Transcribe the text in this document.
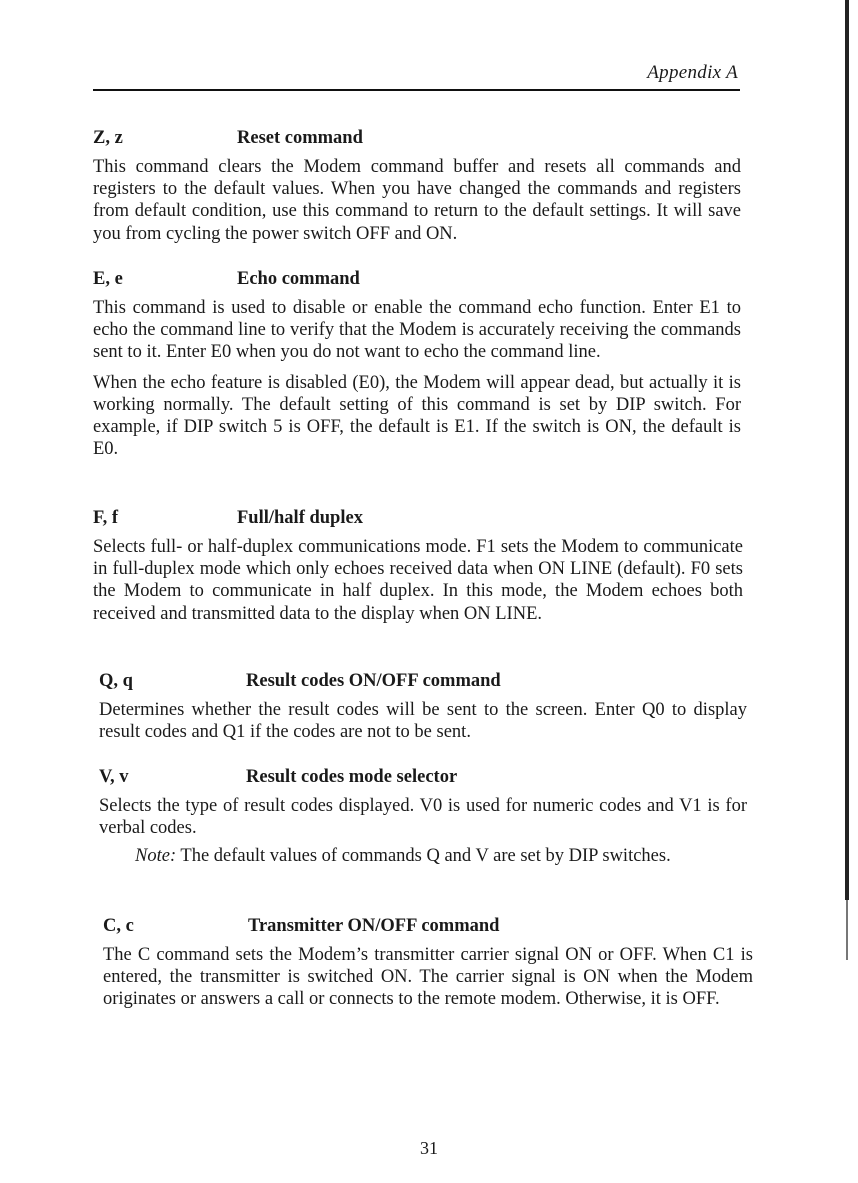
Appendix A
Z, z	Reset command

This command clears the Modem command buffer and resets all commands and registers to the default values. When you have changed the commands and registers from default condition, use this command to return to the default settings. It will save you from cycling the power switch OFF and ON.

E, e	Echo command

This command is used to disable or enable the command echo function. Enter E1 to echo the command line to verify that the Modem is accurately receiving the commands sent to it. Enter E0 when you do not want to echo the command line.

When the echo feature is disabled (E0), the Modem will appear dead, but actually it is working normally. The default setting of this command is set by DIP switch. For example, if DIP switch 5 is OFF, the default is E1. If the switch is ON, the default is E0.

F, f	Full/half duplex

Selects full- or half-duplex communications mode. F1 sets the Modem to communicate in full-duplex mode which only echoes received data when ON LINE (default). F0 sets the Modem to communicate in half duplex. In this mode, the Modem echoes both received and transmitted data to the display when ON LINE.

Q, q	Result codes ON/OFF command

Determines whether the result codes will be sent to the screen. Enter Q0 to display result codes and Q1 if the codes are not to be sent.

V, v	Result codes mode selector

Selects the type of result codes displayed. V0 is used for numeric codes and V1 is for verbal codes.

Note: The default values of commands Q and V are set by DIP switches.

C, c	Transmitter ON/OFF command

The C command sets the Modem’s transmitter carrier signal ON or OFF. When C1 is entered, the transmitter is switched ON. The carrier signal is ON when the Modem originates or answers a call or connects to the remote modem. Otherwise, it is OFF.

31
